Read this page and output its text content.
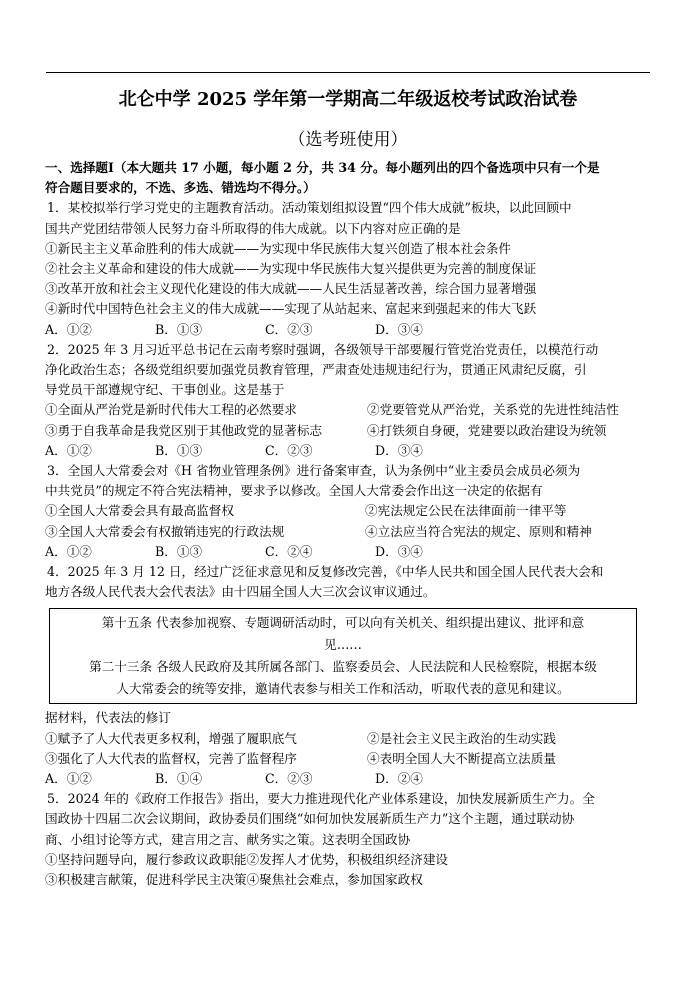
北仑中学 2025 学年第一学期高二年级返校考试政治试卷
（选考班使用）
一、选择题Ⅰ（本大题共 17 小题，每小题 2 分，共 34 分。每小题列出的四个备选项中只有一个是
符合题目要求的，不选、多选、错选均不得分。）
1．某校拟举行学习党史的主题教育活动。活动策划组拟设置“四个伟大成就”板块，以此回顾中
国共产党团结带领人民努力奋斗所取得的伟大成就。以下内容对应正确的是
①新民主主义革命胜利的伟大成就——为实现中华民族伟大复兴创造了根本社会条件
②社会主义革命和建设的伟大成就——为实现中华民族伟大复兴提供更为完善的制度保证
③改革开放和社会主义现代化建设的伟大成就——人民生活显著改善，综合国力显著增强
④新时代中国特色社会主义的伟大成就——实现了从站起来、富起来到强起来的伟大飞跃
A．①②	B．①③	C．②③	D．③④
2．2025 年 3 月习近平总书记在云南考察时强调，各级领导干部要履行管党治党责任，以模范行动
净化政治生态；各级党组织要加强党员教育管理，严肃查处违规违纪行为，贯通正风肃纪反腐，引
导党员干部遵规守纪、干事创业。这是基于
①全面从严治党是新时代伟大工程的必然要求	②党要管党从严治党，关系党的先进性纯洁性
③勇于自我革命是我党区别于其他政党的显著标志	④打铁须自身硬，党建要以政治建设为统领
A．①②	B．①③	C．②③	D．③④
3．全国人大常委会对《H 省物业管理条例》进行备案审查，认为条例中“业主委员会成员必须为
中共党员”的规定不符合宪法精神，要求予以修改。全国人大常委会作出这一决定的依据有
①全国人大常委会具有最高监督权	②宪法规定公民在法律面前一律平等
③全国人大常委会有权撤销违宪的行政法规	④立法应当符合宪法的规定、原则和精神
A．①②	B．①③	C．②④	D．③④
4．2025 年 3 月 12 日，经过广泛征求意见和反复修改完善，《中华人民共和国全国人民代表大会和
地方各级人民代表大会代表法》由十四届全国人大三次会议审议通过。
第十五条 代表参加视察、专题调研活动时，可以向有关机关、组织提出建议、批评和意
见……
第二十三条 各级人民政府及其所属各部门、监察委员会、人民法院和人民检察院，根据本级
人大常委会的统等安排，邀请代表参与相关工作和活动，听取代表的意见和建议。
据材料，代表法的修订
①赋予了人大代表更多权利，增强了履职底气	②是社会主义民主政治的生动实践
③强化了人大代表的监督权，完善了监督程序	④表明全国人大不断提高立法质量
A．①②	B．①④	C．②③	D．②④
5．2024 年的《政府工作报告》指出，要大力推进现代化产业体系建设，加快发展新质生产力。全
国政协十四届二次会议期间，政协委员们围绕“如何加快发展新质生产力”这个主题，通过联动协
商、小组讨论等方式，建言用之言、献务实之策。这表明全国政协
①坚持问题导向，履行参政议政职能②发挥人才优势，积极组织经济建设
③积极建言献策，促进科学民主决策④聚焦社会难点，参加国家政权
